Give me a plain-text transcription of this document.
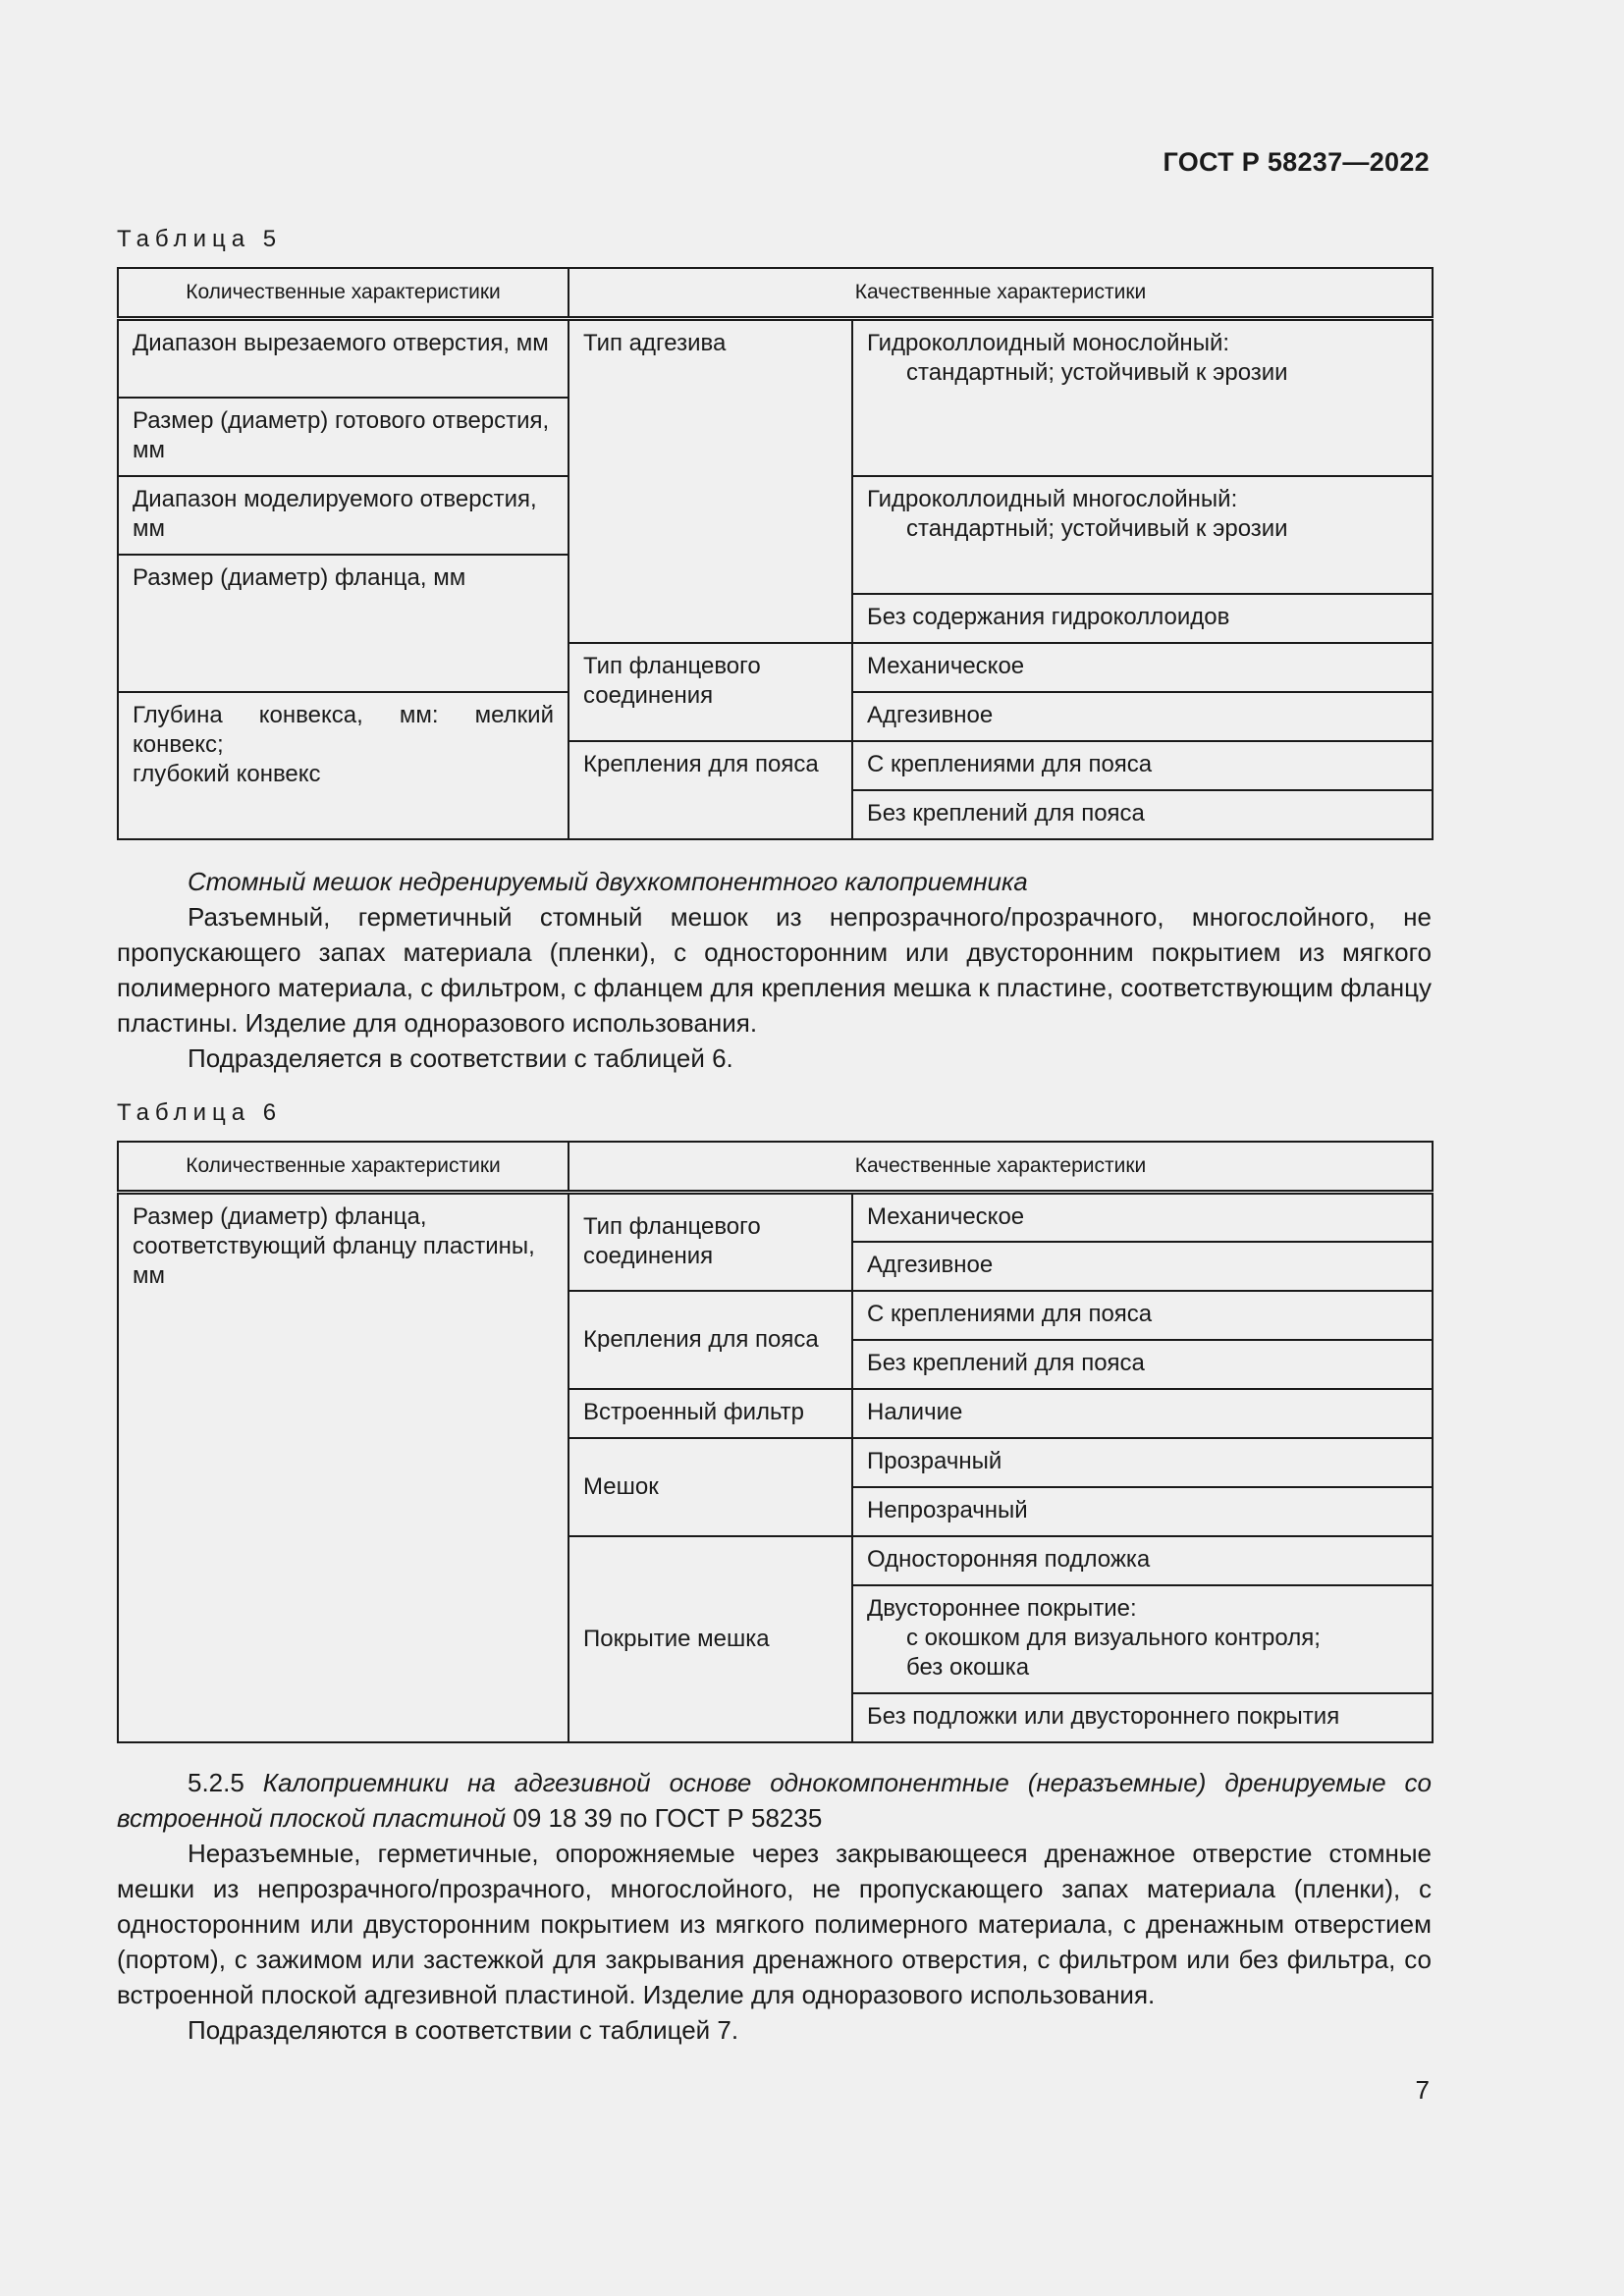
ГОСТ Р 58237—2022
Таблица 5
Количественные характеристики	Качественные характеристики	
Диапазон вырезаемого отверстия, мм	Тип адгезива	Гидроколлоидный монослойный:
стандартный; устойчивый к эрозии

Размер (диаметр) готового отверстия, мм		
Диапазон моделируемого отверстия, мм		Гидроколлоидный многослойный:
стандартный; устойчивый к эрозии

Размер (диаметр) фланца, мм		
		Без содержания гидроколлоидов
	Тип фланцевого соединения	Механическое

Глубина конвекса, мм: мелкий конвекс;
глубокий конвекс		Адгезивное
	Крепления для пояса	С креплениями для пояса
		Без креплений для пояса

Стомный мешок недренируемый двухкомпонентного калоприемника

Разъемный, герметичный стомный мешок из непрозрачного/прозрачного, многослойного, не пропускающего запах материала (пленки), с односторонним или двусторонним покрытием из мягкого полимерного материала, с фильтром, с фланцем для крепления мешка к пластине, соответствующим фланцу пластины. Изделие для одноразового использования.

Подразделяется в соответствии с таблицей 6.

Таблица 6
Количественные характеристики	Качественные характеристики	
Размер (диаметр) фланца, соответствующий фланцу пластины, мм	Тип фланцевого соединения	Механическое
		Адгезивное
	Крепления для пояса	С креплениями для пояса
		Без креплений для пояса
	Встроенный фильтр	Наличие
	Мешок	Прозрачный
		Непрозрачный
	Покрытие мешка	Односторонняя подложка
		Двустороннее покрытие:
с окошком для визуального контроля;
без окошка

		Без подложки или двустороннего покрытия

5.2.5 Калоприемники на адгезивной основе однокомпонентные (неразъемные) дренируемые со встроенной плоской пластиной 09 18 39 по ГОСТ Р 58235

Неразъемные, герметичные, опорожняемые через закрывающееся дренажное отверстие стомные мешки из непрозрачного/прозрачного, многослойного, не пропускающего запах материала (пленки), с односторонним или двусторонним покрытием из мягкого полимерного материала, с дренажным отверстием (портом), с зажимом или застежкой для закрывания дренажного отверстия, с фильтром или без фильтра, со встроенной плоской адгезивной пластиной. Изделие для одноразового использования.

Подразделяются в соответствии с таблицей 7.

7
